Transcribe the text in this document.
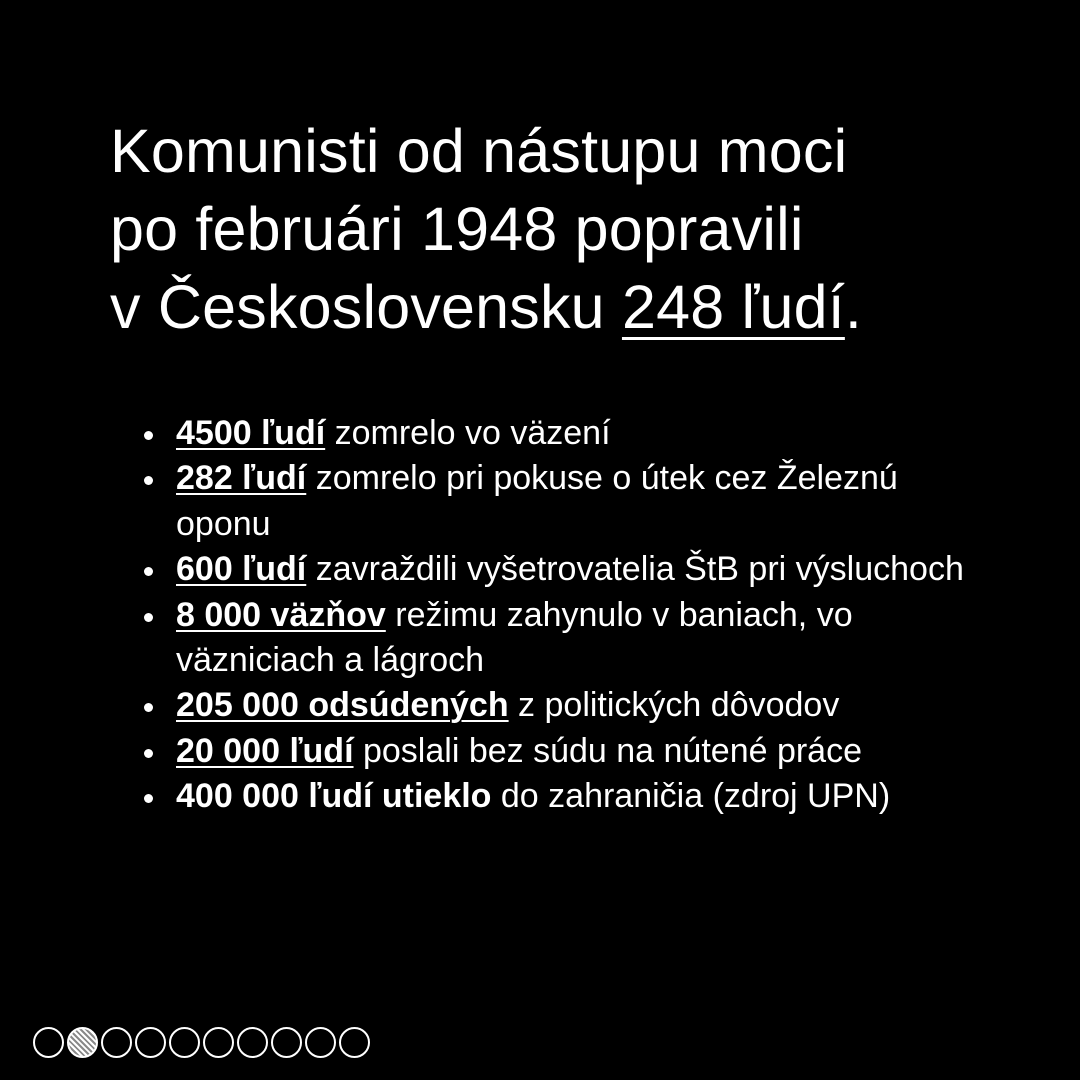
Komunisti od nástupu moci
po februári 1948 popravili
v Československu 248 ľudí.
4500 ľudí zomrelo vo väzení
282 ľudí zomrelo pri pokuse o útek cez Železnú oponu
600 ľudí zavraždili vyšetrovatelia ŠtB pri výsluchoch
8 000 väzňov režimu zahynulo v baniach, vo väzniciach a lágroch
205 000 odsúdených z politických dôvodov
20 000 ľudí poslali bez súdu na nútené práce
400 000 ľudí utieklo do zahraničia (zdroj UPN)
